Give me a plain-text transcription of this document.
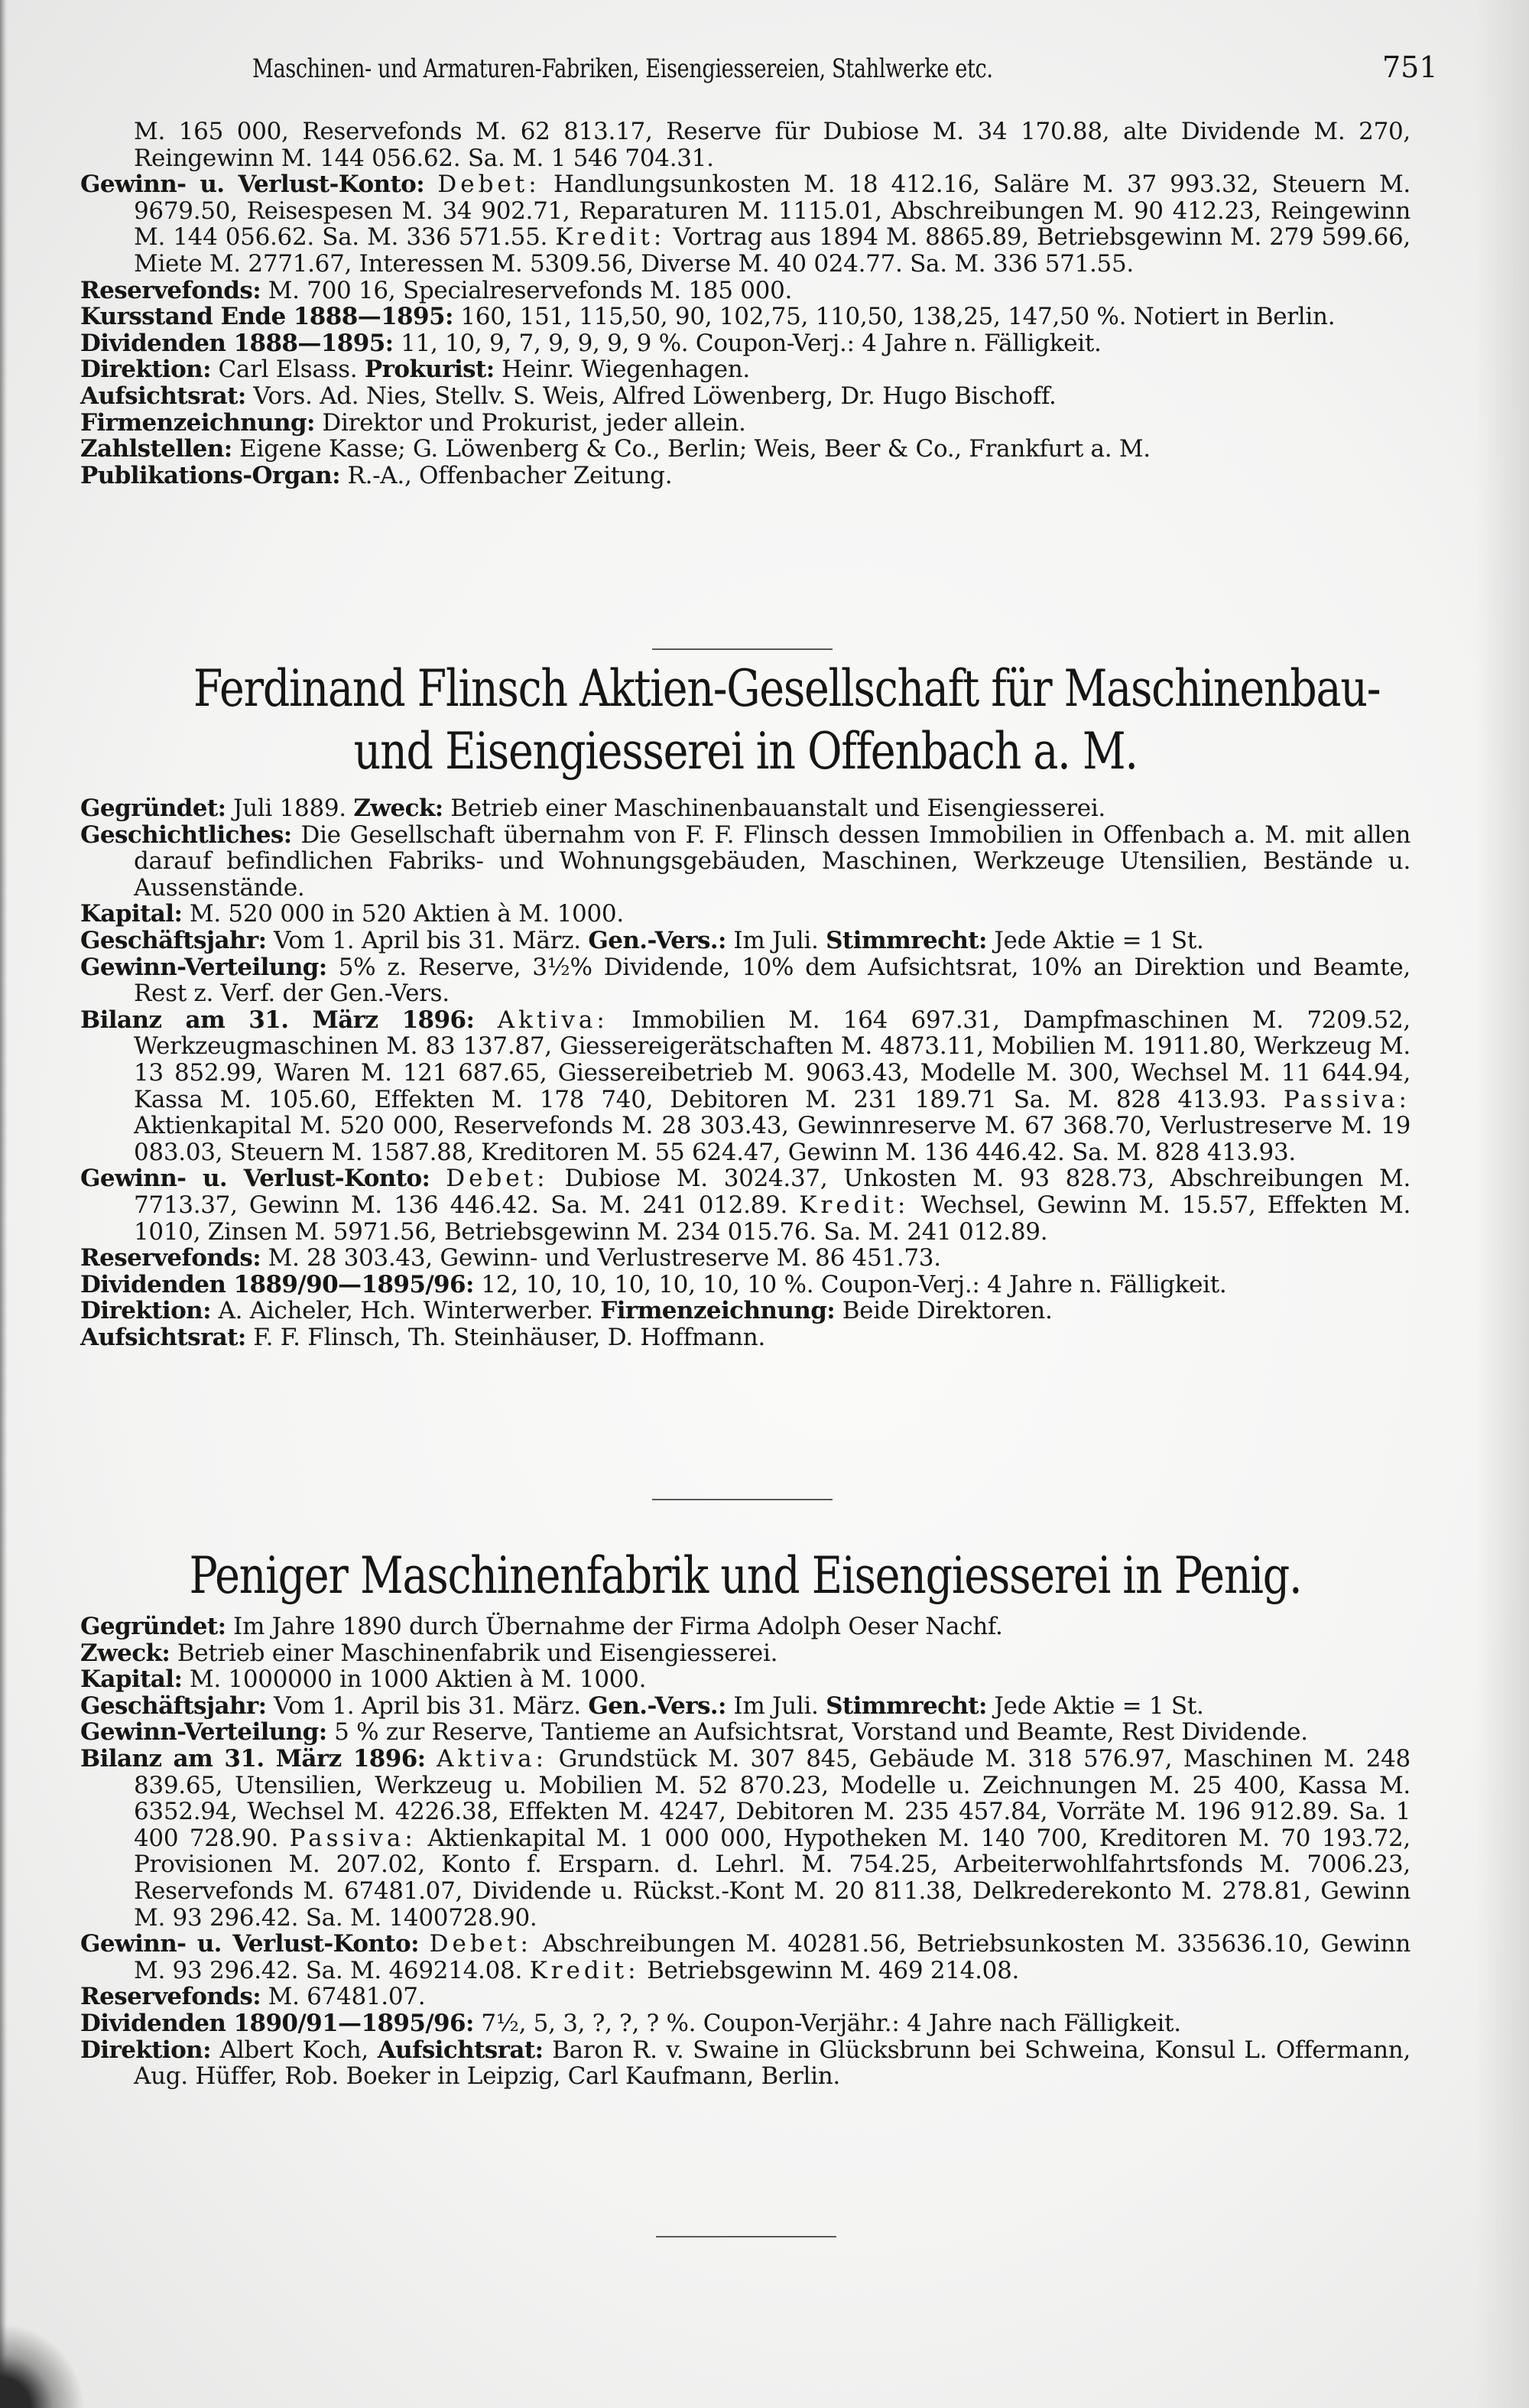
Maschinen- und Armaturen-Fabriken, Eisengiessereien, Stahlwerke etc.	751
M. 165 000, Reservefonds M. 62 813.17, Reserve für Dubiose M. 34 170.88, alte Dividende M. 270, Reingewinn M. 144 056.62. Sa. M. 1 546 704.31.
Gewinn- u. Verlust-Konto: Debet: Handlungsunkosten M. 18 412.16, Saläre M. 37 993.32, Steuern M. 9679.50, Reisespesen M. 34 902.71, Reparaturen M. 1115.01, Abschreibungen M. 90 412.23, Reingewinn M. 144 056.62. Sa. M. 336 571.55. Kredit: Vortrag aus 1894 M. 8865.89, Betriebsgewinn M. 279 599.66, Miete M. 2771.67, Interessen M. 5309.56, Diverse M. 40 024.77. Sa. M. 336 571.55.
Reservefonds: M. 700 16, Specialreservefonds M. 185 000.
Kursstand Ende 1888—1895: 160, 151, 115,50, 90, 102,75, 110,50, 138,25, 147,50 %. Notiert in Berlin.
Dividenden 1888—1895: 11, 10, 9, 7, 9, 9, 9, 9 %. Coupon-Verj.: 4 Jahre n. Fälligkeit.
Direktion: Carl Elsass. Prokurist: Heinr. Wiegenhagen.
Aufsichtsrat: Vors. Ad. Nies, Stellv. S. Weis, Alfred Löwenberg, Dr. Hugo Bischoff.
Firmenzeichnung: Direktor und Prokurist, jeder allein.
Zahlstellen: Eigene Kasse; G. Löwenberg & Co., Berlin; Weis, Beer & Co., Frankfurt a. M.
Publikations-Organ: R.-A., Offenbacher Zeitung.
Ferdinand Flinsch Aktien-Gesellschaft für Maschinenbau-
und Eisengiesserei in Offenbach a. M.
Gegründet: Juli 1889. Zweck: Betrieb einer Maschinenbauanstalt und Eisengiesserei.
Geschichtliches: Die Gesellschaft übernahm von F. F. Flinsch dessen Immobilien in Offenbach a. M. mit allen darauf befindlichen Fabriks- und Wohnungsgebäuden, Maschinen, Werkzeuge Utensilien, Bestände u. Aussenstände.
Kapital: M. 520 000 in 520 Aktien à M. 1000.
Geschäftsjahr: Vom 1. April bis 31. März. Gen.-Vers.: Im Juli. Stimmrecht: Jede Aktie = 1 St.
Gewinn-Verteilung: 5% z. Reserve, 3½% Dividende, 10% dem Aufsichtsrat, 10% an Direktion und Beamte, Rest z. Verf. der Gen.-Vers.
Bilanz am 31. März 1896: Aktiva: Immobilien M. 164 697.31, Dampfmaschinen M. 7209.52, Werkzeugmaschinen M. 83 137.87, Giessereigerätschaften M. 4873.11, Mobilien M. 1911.80, Werkzeug M. 13 852.99, Waren M. 121 687.65, Giessereibetrieb M. 9063.43, Modelle M. 300, Wechsel M. 11 644.94, Kassa M. 105.60, Effekten M. 178 740, Debitoren M. 231 189.71 Sa. M. 828 413.93. Passiva: Aktienkapital M. 520 000, Reservefonds M. 28 303.43, Gewinnreserve M. 67 368.70, Verlustreserve M. 19 083.03, Steuern M. 1587.88, Kreditoren M. 55 624.47, Gewinn M. 136 446.42. Sa. M. 828 413.93.
Gewinn- u. Verlust-Konto: Debet: Dubiose M. 3024.37, Unkosten M. 93 828.73, Abschreibungen M. 7713.37, Gewinn M. 136 446.42. Sa. M. 241 012.89. Kredit: Wechsel, Gewinn M. 15.57, Effekten M. 1010, Zinsen M. 5971.56, Betriebsgewinn M. 234 015.76. Sa. M. 241 012.89.
Reservefonds: M. 28 303.43, Gewinn- und Verlustreserve M. 86 451.73.
Dividenden 1889/90—1895/96: 12, 10, 10, 10, 10, 10, 10 %. Coupon-Verj.: 4 Jahre n. Fälligkeit.
Direktion: A. Aicheler, Hch. Winterwerber. Firmenzeichnung: Beide Direktoren.
Aufsichtsrat: F. F. Flinsch, Th. Steinhäuser, D. Hoffmann.
Peniger Maschinenfabrik und Eisengiesserei in Penig.
Gegründet: Im Jahre 1890 durch Übernahme der Firma Adolph Oeser Nachf.
Zweck: Betrieb einer Maschinenfabrik und Eisengiesserei.
Kapital: M. 1000000 in 1000 Aktien à M. 1000.
Geschäftsjahr: Vom 1. April bis 31. März. Gen.-Vers.: Im Juli. Stimmrecht: Jede Aktie = 1 St.
Gewinn-Verteilung: 5 % zur Reserve, Tantieme an Aufsichtsrat, Vorstand und Beamte, Rest Dividende.
Bilanz am 31. März 1896: Aktiva: Grundstück M. 307 845, Gebäude M. 318 576.97, Maschinen M. 248 839.65, Utensilien, Werkzeug u. Mobilien M. 52 870.23, Modelle u. Zeichnungen M. 25 400, Kassa M. 6352.94, Wechsel M. 4226.38, Effekten M. 4247, Debitoren M. 235 457.84, Vorräte M. 196 912.89. Sa. 1 400 728.90. Passiva: Aktienkapital M. 1 000 000, Hypotheken M. 140 700, Kreditoren M. 70 193.72, Provisionen M. 207.02, Konto f. Ersparn. d. Lehrl. M. 754.25, Arbeiterwohlfahrtsfonds M. 7006.23, Reservefonds M. 67481.07, Dividende u. Rückst.-Kont M. 20 811.38, Delkrederekonto M. 278.81, Gewinn M. 93 296.42. Sa. M. 1400728.90.
Gewinn- u. Verlust-Konto: Debet: Abschreibungen M. 40281.56, Betriebsunkosten M. 335636.10, Gewinn M. 93 296.42. Sa. M. 469214.08. Kredit: Betriebsgewinn M. 469 214.08.
Reservefonds: M. 67481.07.
Dividenden 1890/91—1895/96: 7½, 5, 3, ?, ?, ? %. Coupon-Verjähr.: 4 Jahre nach Fälligkeit.
Direktion: Albert Koch, Aufsichtsrat: Baron R. v. Swaine in Glücksbrunn bei Schweina, Konsul L. Offermann, Aug. Hüffer, Rob. Boeker in Leipzig, Carl Kaufmann, Berlin.
